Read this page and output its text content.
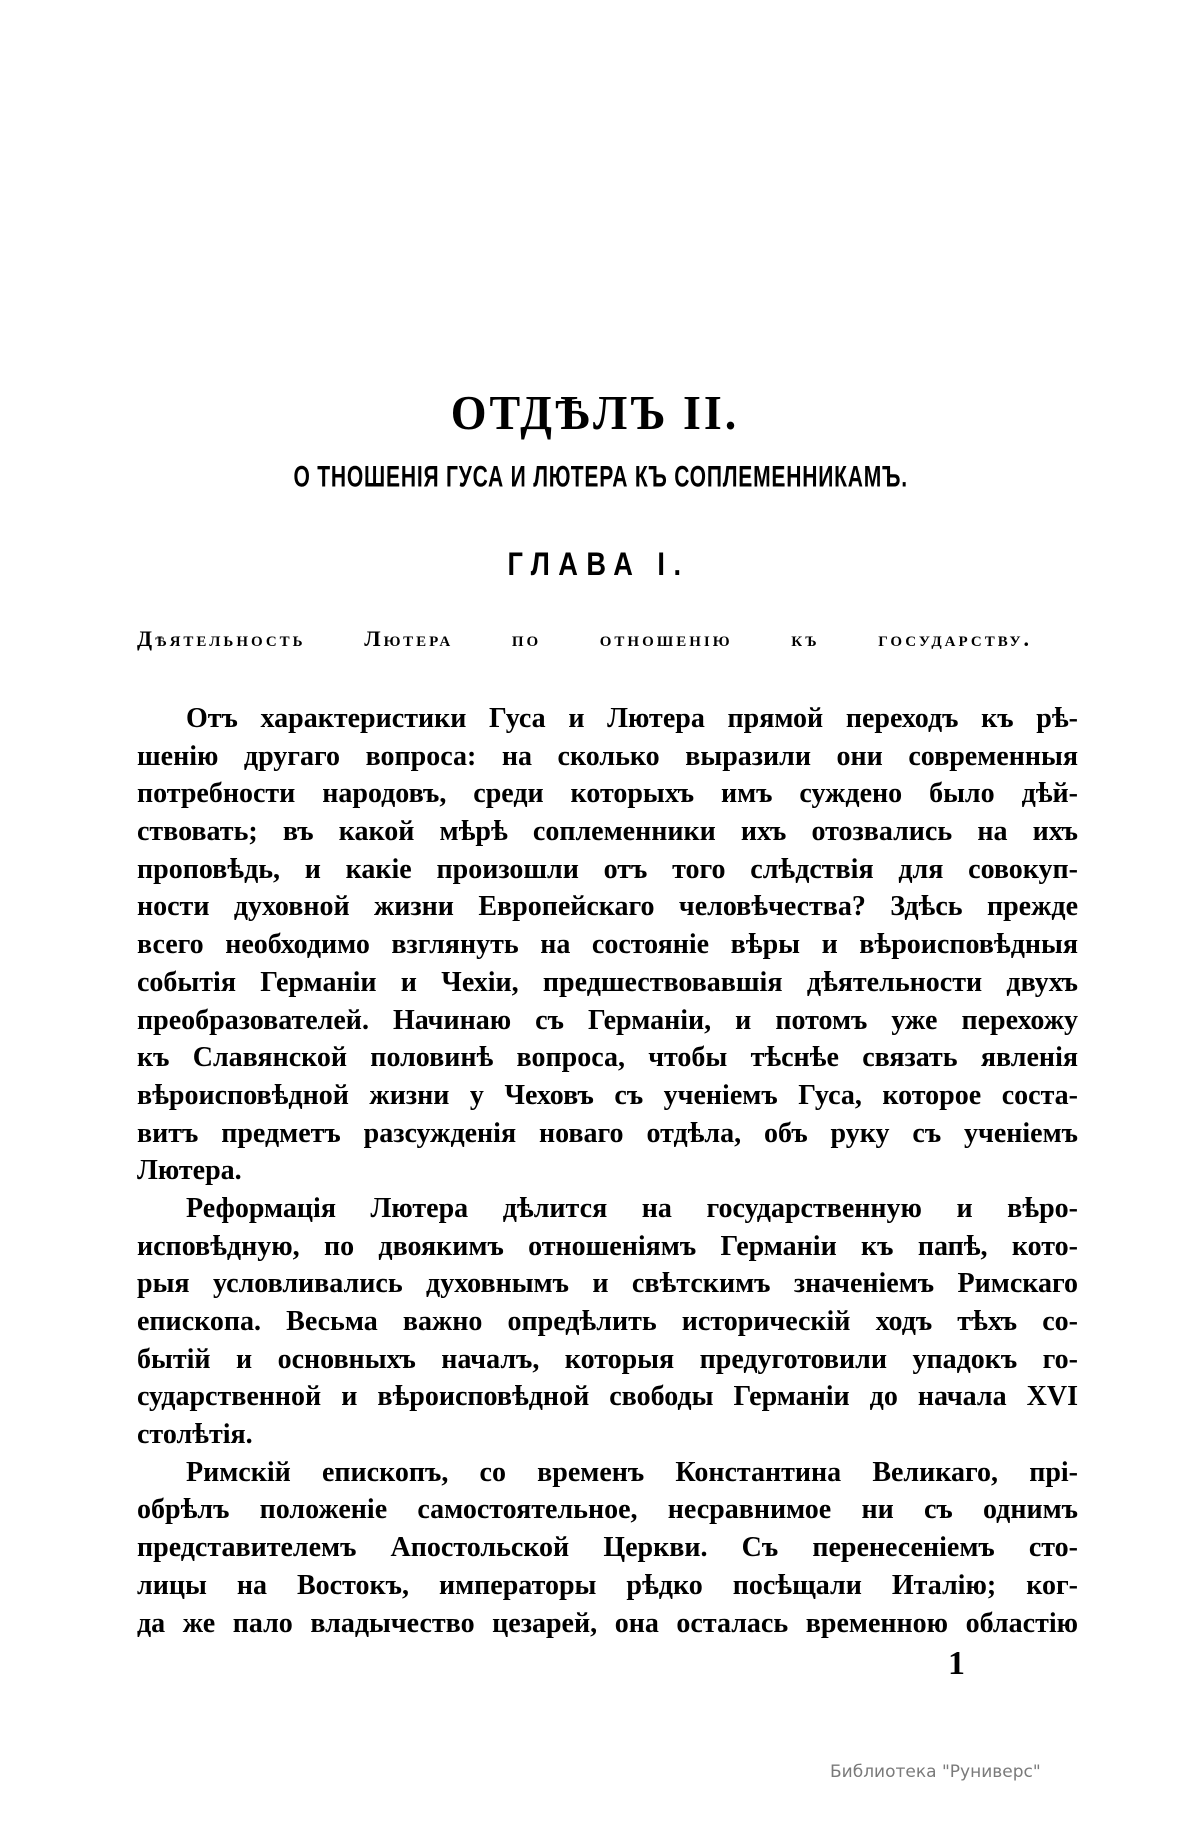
ОТДѢЛЪ II.
О ТНОШЕНІЯ ГУСА И ЛЮТЕРА КЪ СОПЛЕМЕННИКАМЪ.
ГЛАВА I.
Дѣятельность Лютера по отношенію къ государству.
Отъ характеристики Гуса и Лютера прямой переходъ къ рѣ-
шенію другаго вопроса: на сколько выразили они современныя
потребности народовъ, среди которыхъ имъ суждено было дѣй-
ствовать; въ какой мѣрѣ соплеменники ихъ отозвались на ихъ
проповѣдь, и какіе произошли отъ того слѣдствія для совокуп-
ности духовной жизни Европейскаго человѣчества? Здѣсь прежде
всего необходимо взглянуть на состояніе вѣры и вѣроисповѣдныя
событія Германіи и Чехіи, предшествовавшія дѣятельности двухъ
преобразователей. Начинаю съ Германіи, и потомъ уже перехожу
къ Славянской половинѣ вопроса, чтобы тѣснѣе связать явленія
вѣроисповѣдной жизни у Чеховъ съ ученіемъ Гуса, которое соста-
витъ предметъ разсужденія новаго отдѣла, объ руку съ ученіемъ
Лютера.
Реформація Лютера дѣлится на государственную и вѣро-
исповѣдную, по двоякимъ отношеніямъ Германіи къ папѣ, кото-
рыя условливались духовнымъ и свѣтскимъ значеніемъ Римскаго
епископа. Весьма важно опредѣлить историческій ходъ тѣхъ со-
бытій и основныхъ началъ, которыя предуготовили упадокъ го-
сударственной и вѣроисповѣдной свободы Германіи до начала XVI
столѣтія.
Римскій епископъ, со временъ Константина Великаго, прі-
обрѣлъ положеніе самостоятельное, несравнимое ни съ однимъ
представителемъ Апостольской Церкви. Съ перенесеніемъ сто-
лицы на Востокъ, императоры рѣдко посѣщали Италію; ког-
да же пало владычество цезарей, она осталась временною областію
1
Библиотека "Руниверс"
